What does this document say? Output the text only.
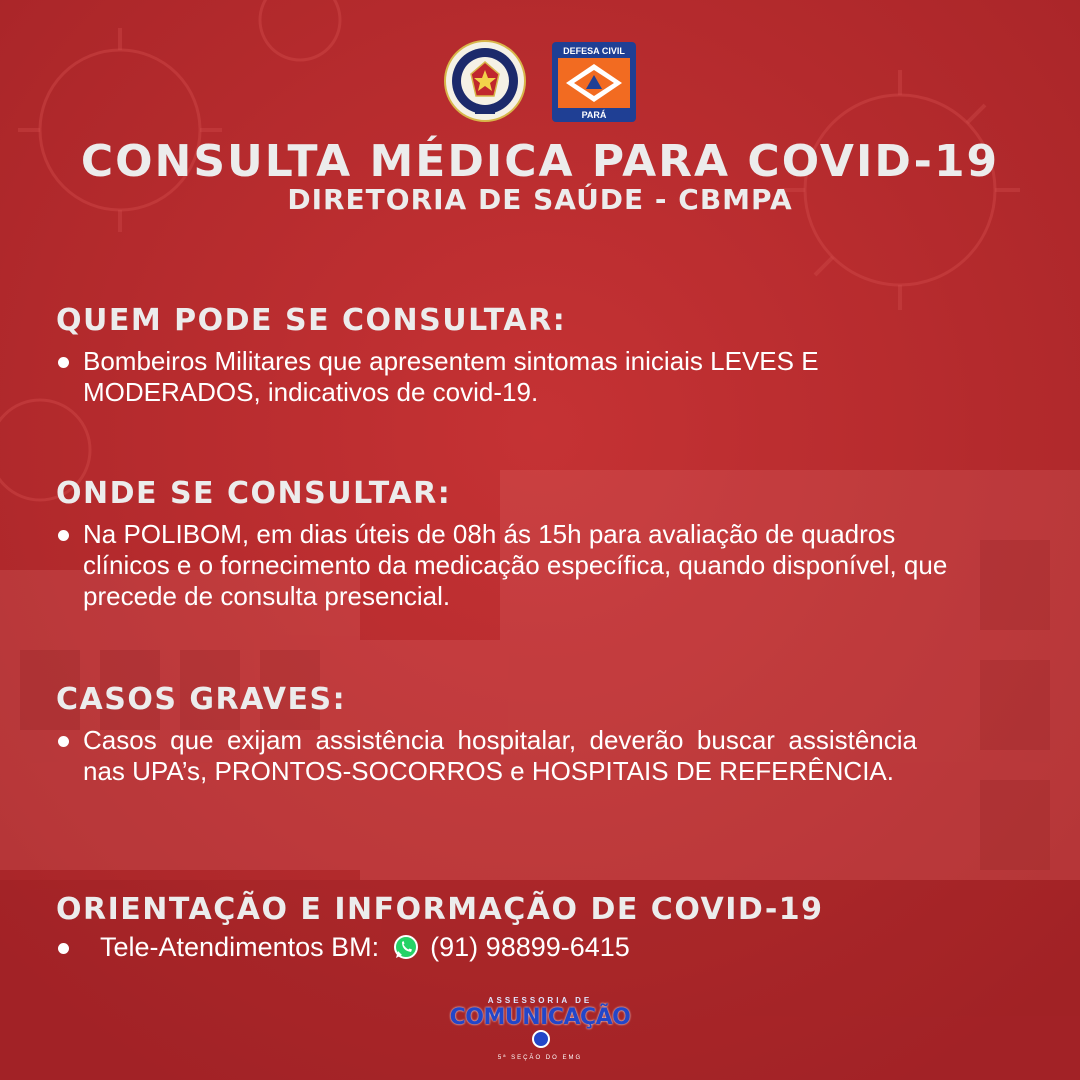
DEFESA CIVIL
PARÁ
CONSULTA MÉDICA PARA COVID-19
DIRETORIA DE SAÚDE - CBMPA
QUEM PODE SE CONSULTAR:
Bombeiros Militares que apresentem sintomas iniciais LEVES E MODERADOS, indicativos de covid-19.
ONDE SE CONSULTAR:
Na POLIBOM, em dias úteis de 08h ás 15h para avaliação de quadros clínicos e o fornecimento da medicação específica, quando disponível, que precede de consulta presencial.
CASOS GRAVES:
Casos que exijam assistência hospitalar, deverão buscar assistência nas UPA’s, PRONTOS-SOCORROS e HOSPITAIS DE REFERÊNCIA.
ORIENTAÇÃO E INFORMAÇÃO DE COVID-19
Tele-Atendimentos BM: (91) 98899-6415
ASSESSORIA DE
COMUNICAÇÃO
5ª SEÇÃO DO EMG
